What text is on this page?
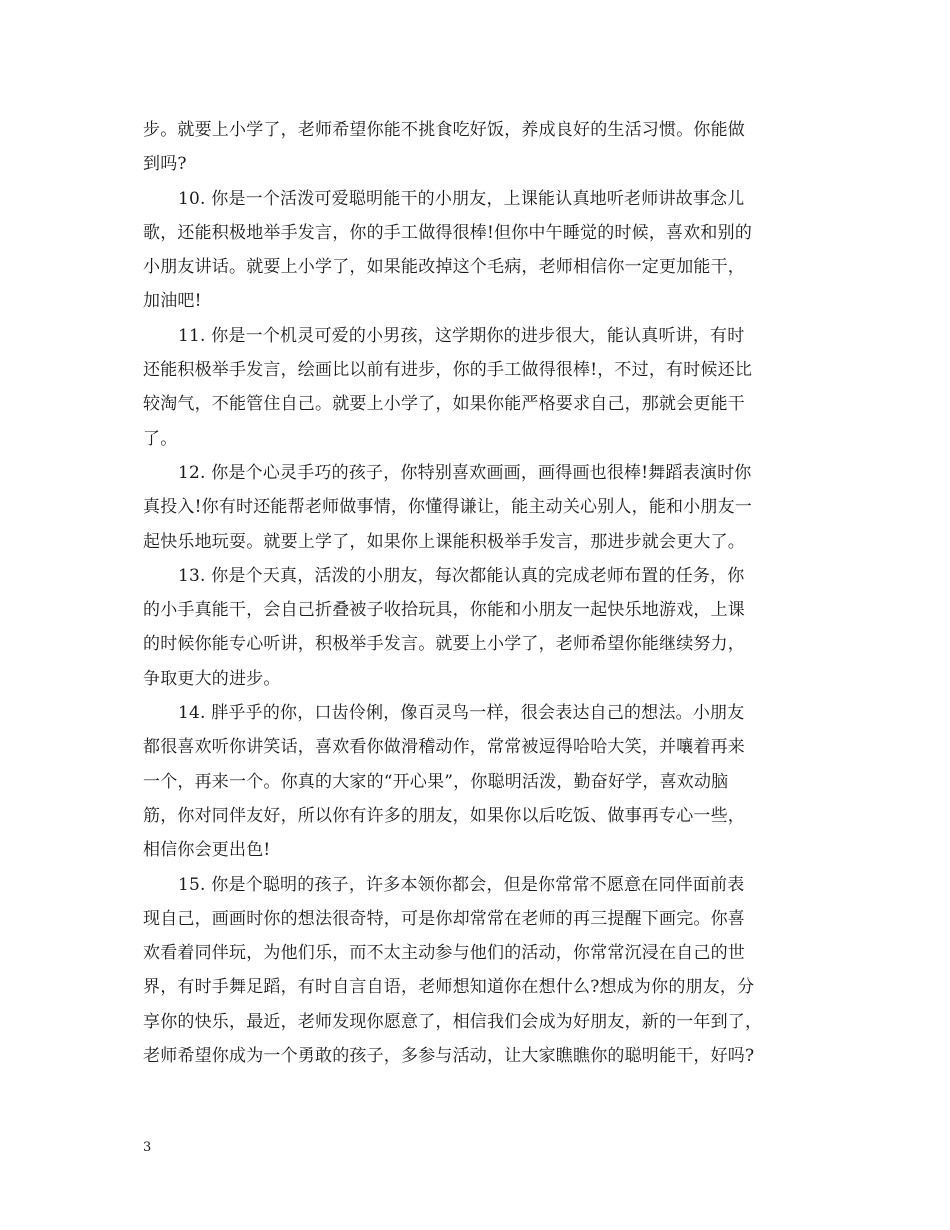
步。就要上小学了，老师希望你能不挑食吃好饭，养成良好的生活习惯。你能做
到吗?
10. 你是一个活泼可爱聪明能干的小朋友，上课能认真地听老师讲故事念儿
歌，还能积极地举手发言，你的手工做得很棒!但你中午睡觉的时候，喜欢和别的
小朋友讲话。就要上小学了，如果能改掉这个毛病，老师相信你一定更加能干，
加油吧!
11. 你是一个机灵可爱的小男孩，这学期你的进步很大，能认真听讲，有时
还能积极举手发言，绘画比以前有进步，你的手工做得很棒!，不过，有时候还比
较淘气，不能管住自己。就要上小学了，如果你能严格要求自己，那就会更能干
了。
12. 你是个心灵手巧的孩子，你特别喜欢画画，画得画也很棒!舞蹈表演时你
真投入!你有时还能帮老师做事情，你懂得谦让，能主动关心别人，能和小朋友一
起快乐地玩耍。就要上学了，如果你上课能积极举手发言，那进步就会更大了。
13. 你是个天真，活泼的小朋友，每次都能认真的完成老师布置的任务，你
的小手真能干，会自己折叠被子收拾玩具，你能和小朋友一起快乐地游戏，上课
的时候你能专心听讲，积极举手发言。就要上小学了，老师希望你能继续努力，
争取更大的进步。
14. 胖乎乎的你，口齿伶俐，像百灵鸟一样，很会表达自己的想法。小朋友
都很喜欢听你讲笑话，喜欢看你做滑稽动作，常常被逗得哈哈大笑，并嚷着再来
一个，再来一个。你真的大家的“开心果”，你聪明活泼，勤奋好学，喜欢动脑
筋，你对同伴友好，所以你有许多的朋友，如果你以后吃饭、做事再专心一些，
相信你会更出色!
15. 你是个聪明的孩子，许多本领你都会，但是你常常不愿意在同伴面前表
现自己，画画时你的想法很奇特，可是你却常常在老师的再三提醒下画完。你喜
欢看着同伴玩，为他们乐，而不太主动参与他们的活动，你常常沉浸在自己的世
界，有时手舞足蹈，有时自言自语，老师想知道你在想什么?想成为你的朋友，分
享你的快乐，最近，老师发现你愿意了，相信我们会成为好朋友，新的一年到了，
老师希望你成为一个勇敢的孩子，多参与活动，让大家瞧瞧你的聪明能干，好吗?
3
